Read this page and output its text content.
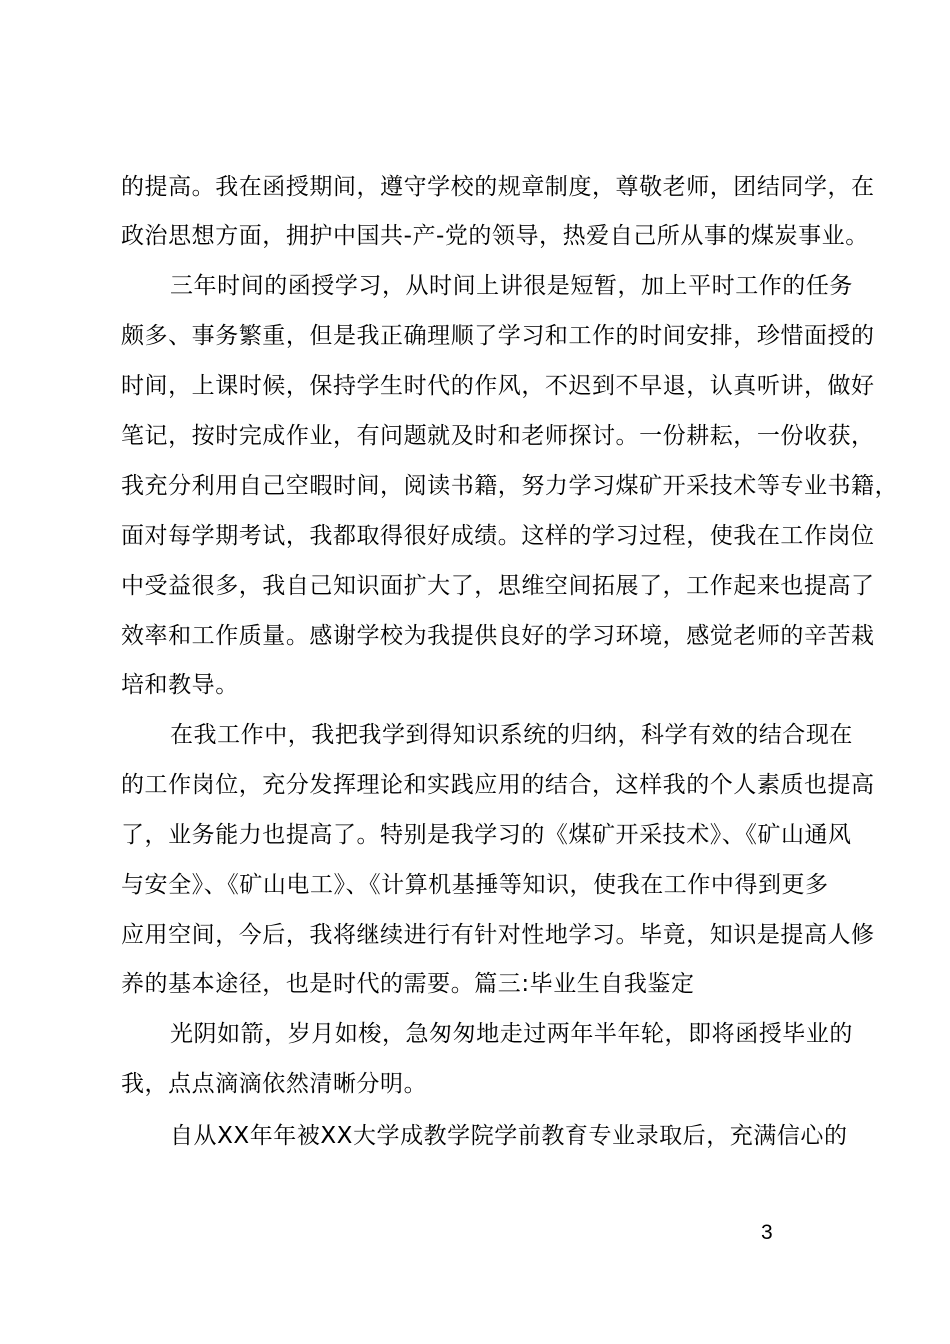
的提高。我在函授期间，遵守学校的规章制度，尊敬老师，团结同学，在
政治思想方面，拥护中国共-产-党的领导，热爱自己所从事的煤炭事业。
三年时间的函授学习，从时间上讲很是短暂，加上平时工作的任务
颇多、事务繁重，但是我正确理顺了学习和工作的时间安排，珍惜面授的
时间，上课时候，保持学生时代的作风，不迟到不早退，认真听讲，做好
笔记，按时完成作业，有问题就及时和老师探讨。一份耕耘，一份收获，
我充分利用自己空暇时间，阅读书籍，努力学习煤矿开采技术等专业书籍，
面对每学期考试，我都取得很好成绩。这样的学习过程，使我在工作岗位
中受益很多，我自己知识面扩大了，思维空间拓展了，工作起来也提高了
效率和工作质量。感谢学校为我提供良好的学习环境，感觉老师的辛苦栽
培和教导。
在我工作中，我把我学到得知识系统的归纳，科学有效的结合现在
的工作岗位，充分发挥理论和实践应用的结合，这样我的个人素质也提高
了，业务能力也提高了。特别是我学习的《煤矿开采技术》、《矿山通风
与安全》、《矿山电工》、《计算机基捶等知识，使我在工作中得到更多
应用空间，今后，我将继续进行有针对性地学习。毕竟，知识是提高人修
养的基本途径，也是时代的需要。篇三:毕业生自我鉴定
光阴如箭，岁月如梭，急匆匆地走过两年半年轮，即将函授毕业的
我，点点滴滴依然清晰分明。
自从XX年年被XX大学成教学院学前教育专业录取后，充满信心的
3
